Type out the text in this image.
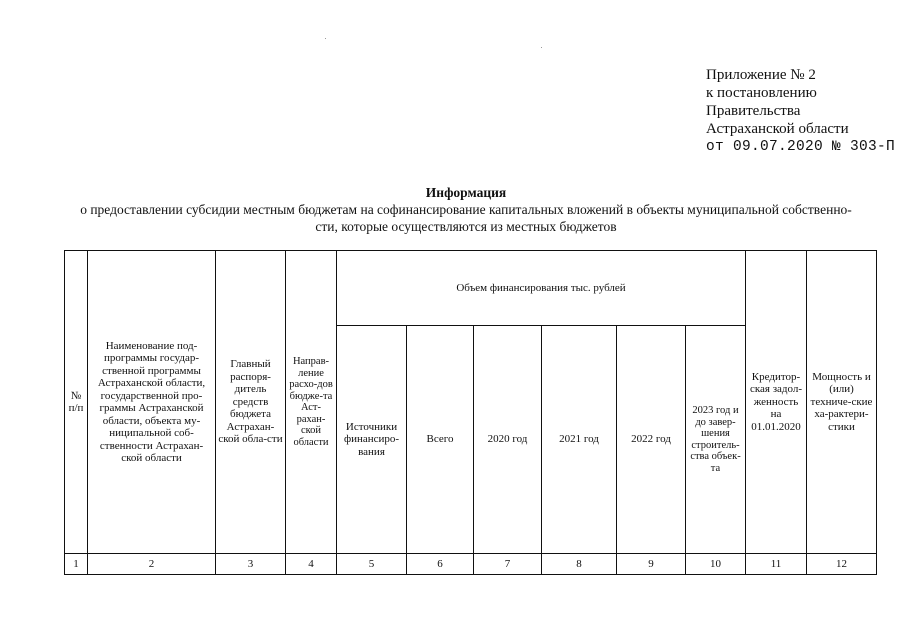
Приложение № 2
к постановлению
Правительства
Астраханской области
от 09.07.2020 № 303-П
Информация
о предоставлении субсидии местным бюджетам на софинансирование капитальных вложений в объекты муниципальной собственно-
сти, которые осуществляются из местных бюджетов
№ п/п	Наименование под-программы государ-ственной программы Астраханской области, государственной про-граммы Астраханской области, объекта му-ниципальной соб-ственности Астрахан-ской области	Главный распоря-дитель средств бюджета Астрахан-ской обла-сти	Направ-ление расхо-дов бюдже-та Аст-рахан-ской области	Объем финансирования тыс. рублей						Кредитор-ская задол-женность на 01.01.2020	Мощность и (или) техниче-ские ха-рактери-стики
				Источники финансиро-вания	Всего	2020 год	2021 год	2022 год	2023 год и до завер-шения строитель-ства объек-та		
1	2	3	4	5	6	7	8	9	10	11	12
